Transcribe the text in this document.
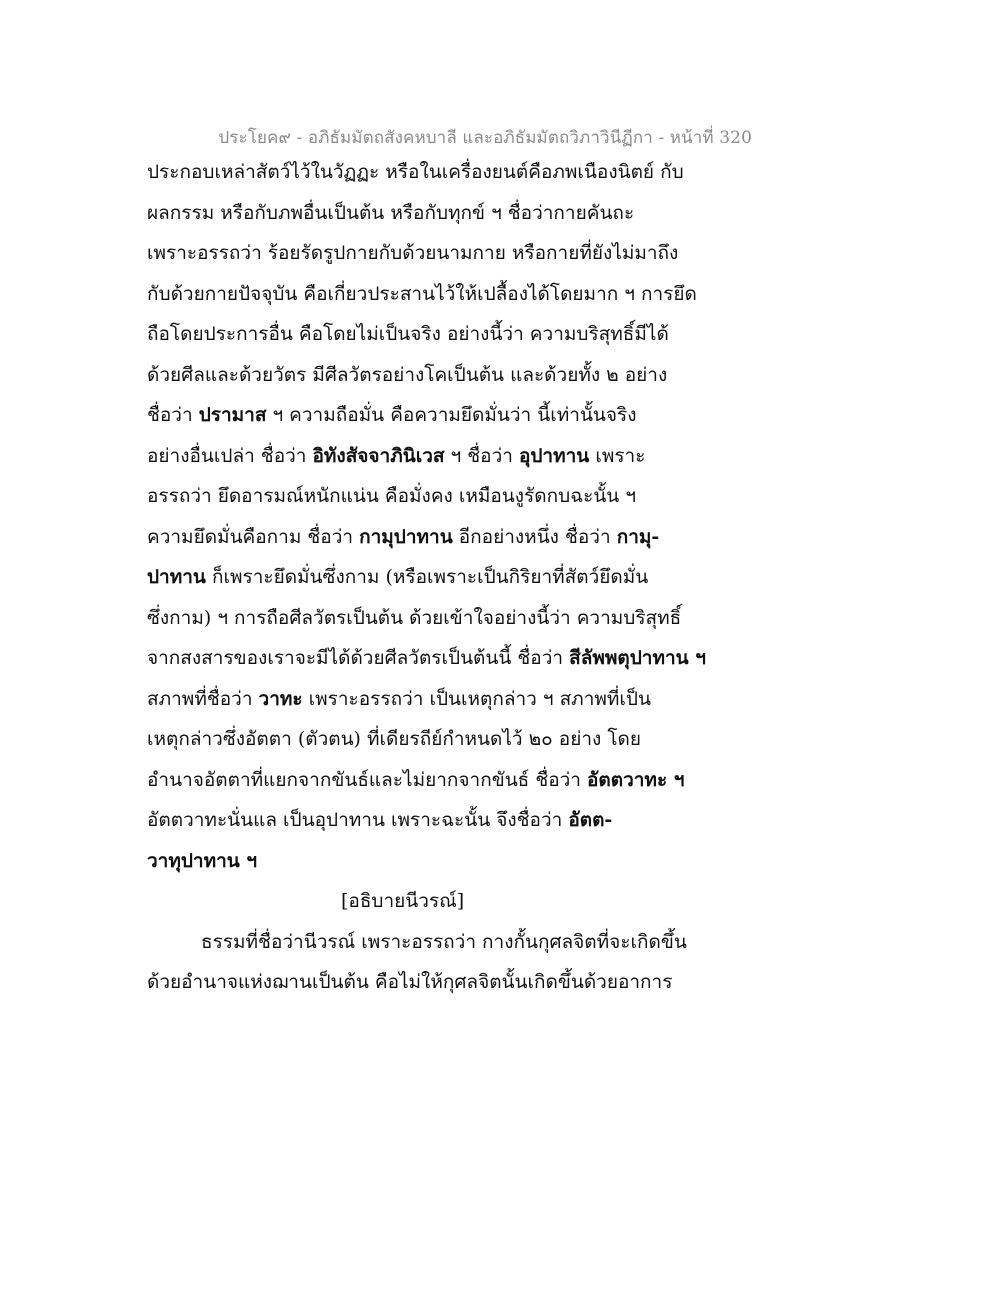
ประโยค๙ - อภิธัมมัตถสังคหบาลี และอภิธัมมัตถวิภาวินีฏีกา - หน้าที่ 320
ประกอบเหล่าสัตว์ไว้ในวัฏฏะ หรือในเครื่องยนต์คือภพเนืองนิตย์ กับ
ผลกรรม หรือกับภพอื่นเป็นต้น หรือกับทุกข์ ฯ ชื่อว่ากายคันถะ
เพราะอรรถว่า ร้อยรัดรูปกายกับด้วยนามกาย หรือกายที่ยังไม่มาถึง
กับด้วยกายปัจจุบัน คือเกี่ยวประสานไว้ให้เปลื้องได้โดยมาก ฯ การยึด
ถือโดยประการอื่น คือโดยไม่เป็นจริง อย่างนี้ว่า ความบริสุทธิ์มีได้
ด้วยศีลและด้วยวัตร มีศีลวัตรอย่างโคเป็นต้น และด้วยทั้ง ๒ อย่าง
ชื่อว่า ปรามาส ฯ ความถือมั่น คือความยึดมั่นว่า นี้เท่านั้นจริง
อย่างอื่นเปล่า ชื่อว่า อิทังสัจจาภินิเวส ฯ ชื่อว่า อุปาทาน เพราะ
อรรถว่า ยึดอารมณ์หนักแน่น คือมั่งคง เหมือนงูรัดกบฉะนั้น ฯ
ความยึดมั่นคือกาม ชื่อว่า กามุปาทาน อีกอย่างหนึ่ง ชื่อว่า กามุ-
ปาทาน ก็เพราะยึดมั่นซึ่งกาม (หรือเพราะเป็นกิริยาที่สัตว์ยึดมั่น
ซึ่งกาม) ฯ การถือศีลวัตรเป็นต้น ด้วยเข้าใจอย่างนี้ว่า ความบริสุทธิ์
จากสงสารของเราจะมีได้ด้วยศีลวัตรเป็นต้นนี้ ชื่อว่า สีลัพพตุปาทาน ฯ
สภาพที่ชื่อว่า วาทะ เพราะอรรถว่า เป็นเหตุกล่าว ฯ สภาพที่เป็น
เหตุกล่าวซึ่งอัตตา (ตัวตน) ที่เดียรถีย์กำหนดไว้ ๒๐ อย่าง โดย
อำนาจอัตตาที่แยกจากขันธ์และไม่ยากจากขันธ์ ชื่อว่า อัตตวาทะ ฯ
อัตตวาทะนั่นแล เป็นอุปาทาน เพราะฉะนั้น จึงชื่อว่า อัตต-
วาทุปาทาน ฯ
[อธิบายนีวรณ์]
ธรรมที่ชื่อว่านีวรณ์ เพราะอรรถว่า กางกั้นกุศลจิตที่จะเกิดขึ้น
ด้วยอำนาจแห่งฌานเป็นต้น คือไม่ให้กุศลจิตนั้นเกิดขึ้นด้วยอาการ
